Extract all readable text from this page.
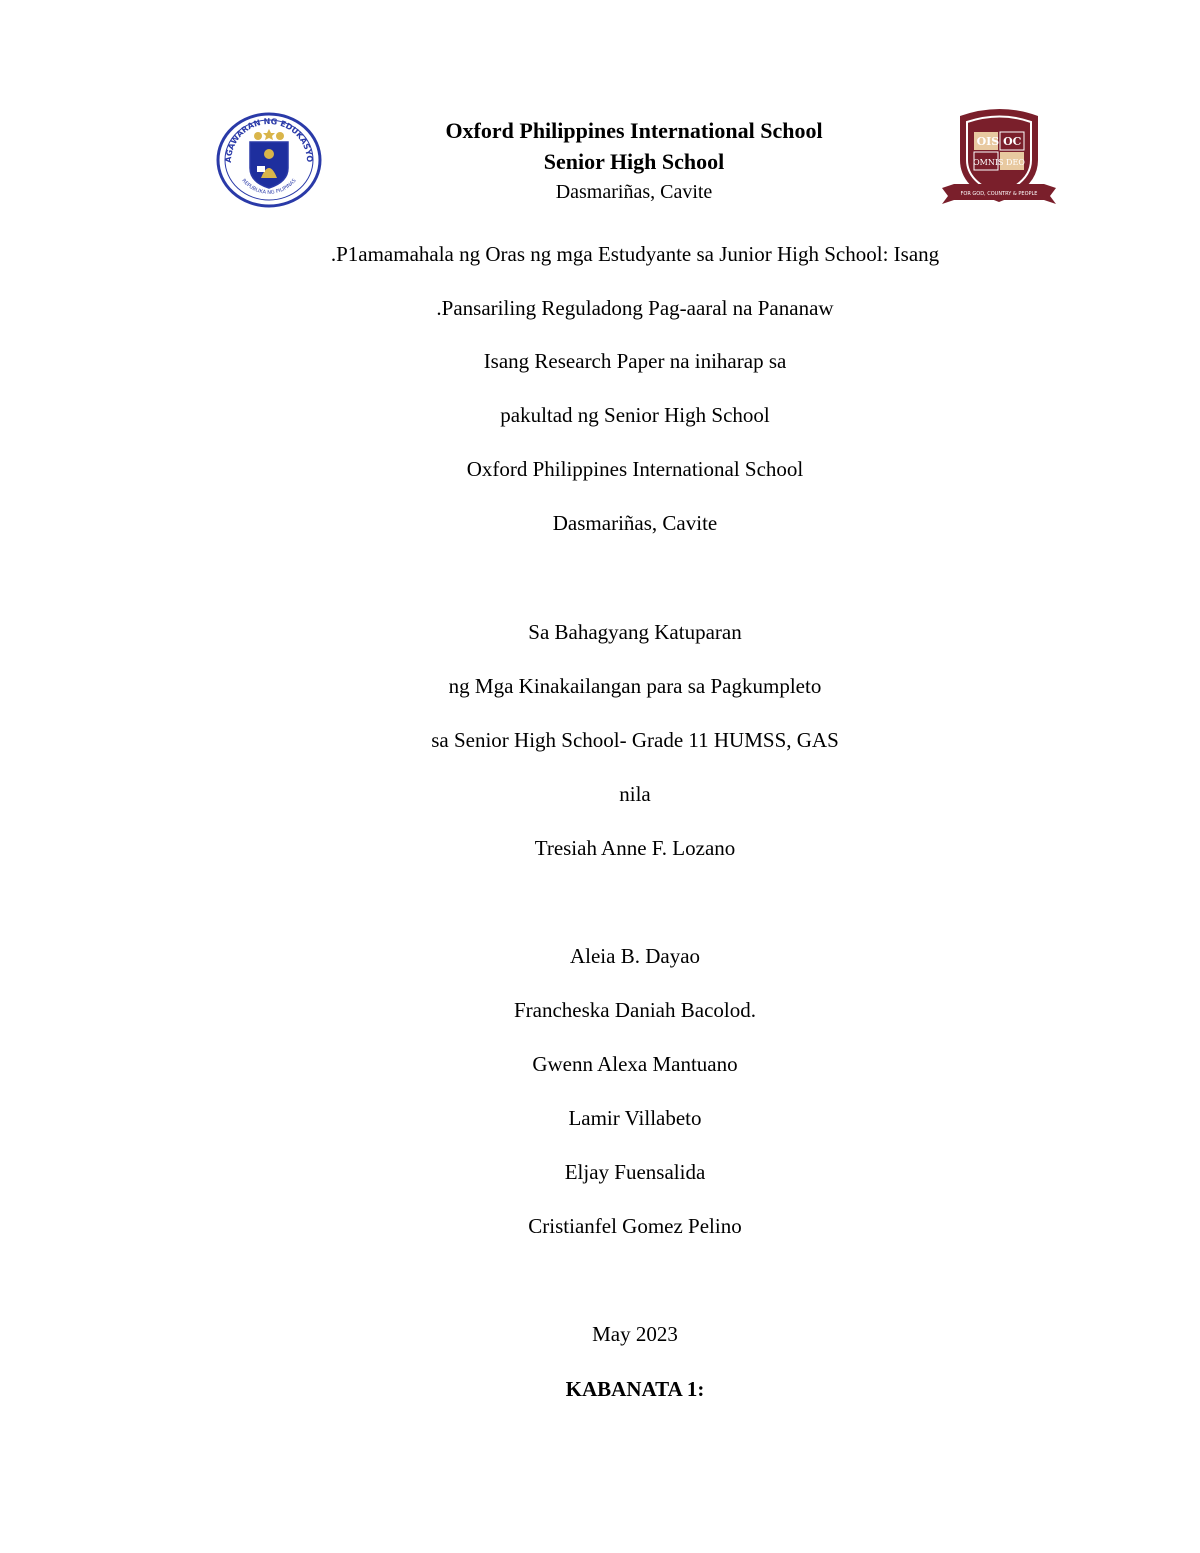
AGAWARAN NG EDUKASYO
REPUBLIKA NG PILIPINAS
Oxford Philippines International School
Senior High School
Dasmariñas, Cavite
OIS OC
OMNIS DEO
FOR GOD, COUNTRY & PEOPLE
.P1amamahala ng Oras ng mga Estudyante sa Junior High School: Isang
.Pansariling Reguladong Pag-aaral na Pananaw
Isang Research Paper na iniharap sa
pakultad ng Senior High School
Oxford Philippines International School
Dasmariñas, Cavite
Sa Bahagyang Katuparan
ng Mga Kinakailangan para sa Pagkumpleto
sa Senior High School- Grade 11 HUMSS, GAS
nila
Tresiah Anne F. Lozano
Aleia B. Dayao
Francheska Daniah Bacolod.
Gwenn Alexa Mantuano
Lamir Villabeto
Eljay Fuensalida
Cristianfel Gomez Pelino
May 2023
KABANATA 1:
